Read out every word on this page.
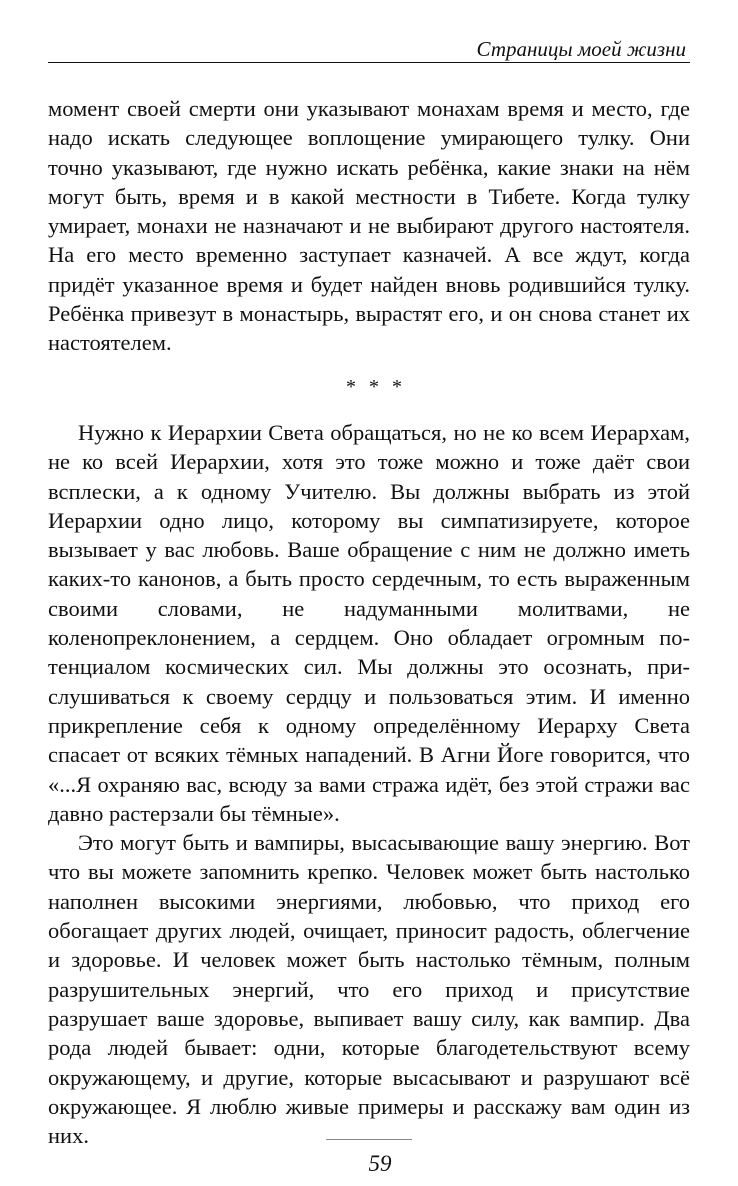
Страницы моей жизни

момент своей смерти они указывают монахам время и место, где надо искать следующее воплощение умирающего тулку. Они точно указывают, где нужно искать ребёнка, какие знаки на нём могут быть, время и в какой местности в Тибете. Когда тулку умирает, монахи не назначают и не выбирают другого настоятеля. На его место временно заступает казначей. А все ждут, когда придёт указанное время и будет найден вновь родившийся тулку. Ребёнка привезут в монастырь, вырастят его, и он снова станет их настоятелем.

* * *

Нужно к Иерархии Света обращаться, но не ко всем Иерархам, не ко всей Иерархии, хотя это тоже можно и тоже даёт свои всплески, а к одному Учителю. Вы должны выбрать из этой Иерархии одно лицо, которому вы симпатизируете, которое вызывает у вас любовь. Ваше обращение с ним не должно иметь каких-то канонов, а быть просто сердечным, то есть выраженным своими словами, не надуманными молитвами, не коленопреклонением, а сердцем. Оно обладает огромным потенциалом космических сил. Мы должны это осознать, прислушиваться к своему сердцу и пользоваться этим. И именно прикрепление себя к одному определённому Иерарху Света спасает от всяких тёмных нападений. В Агни Йоге говорится, что «...Я охраняю вас, всюду за вами стража идёт, без этой стражи вас давно растерзали бы тёмные».

Это могут быть и вампиры, высасывающие вашу энергию. Вот что вы можете запомнить крепко. Человек может быть настолько наполнен высокими энергиями, любовью, что приход его обогащает других людей, очищает, приносит радость, облегчение и здоровье. И человек может быть настолько тёмным, полным разрушительных энергий, что его приход и присутствие разрушает ваше здоровье, выпивает вашу силу, как вампир. Два рода людей бывает: одни, которые благодетельствуют всему окружающему, и другие, которые высасывают и разрушают всё окружающее. Я люблю живые примеры и расскажу вам один из них.

59
